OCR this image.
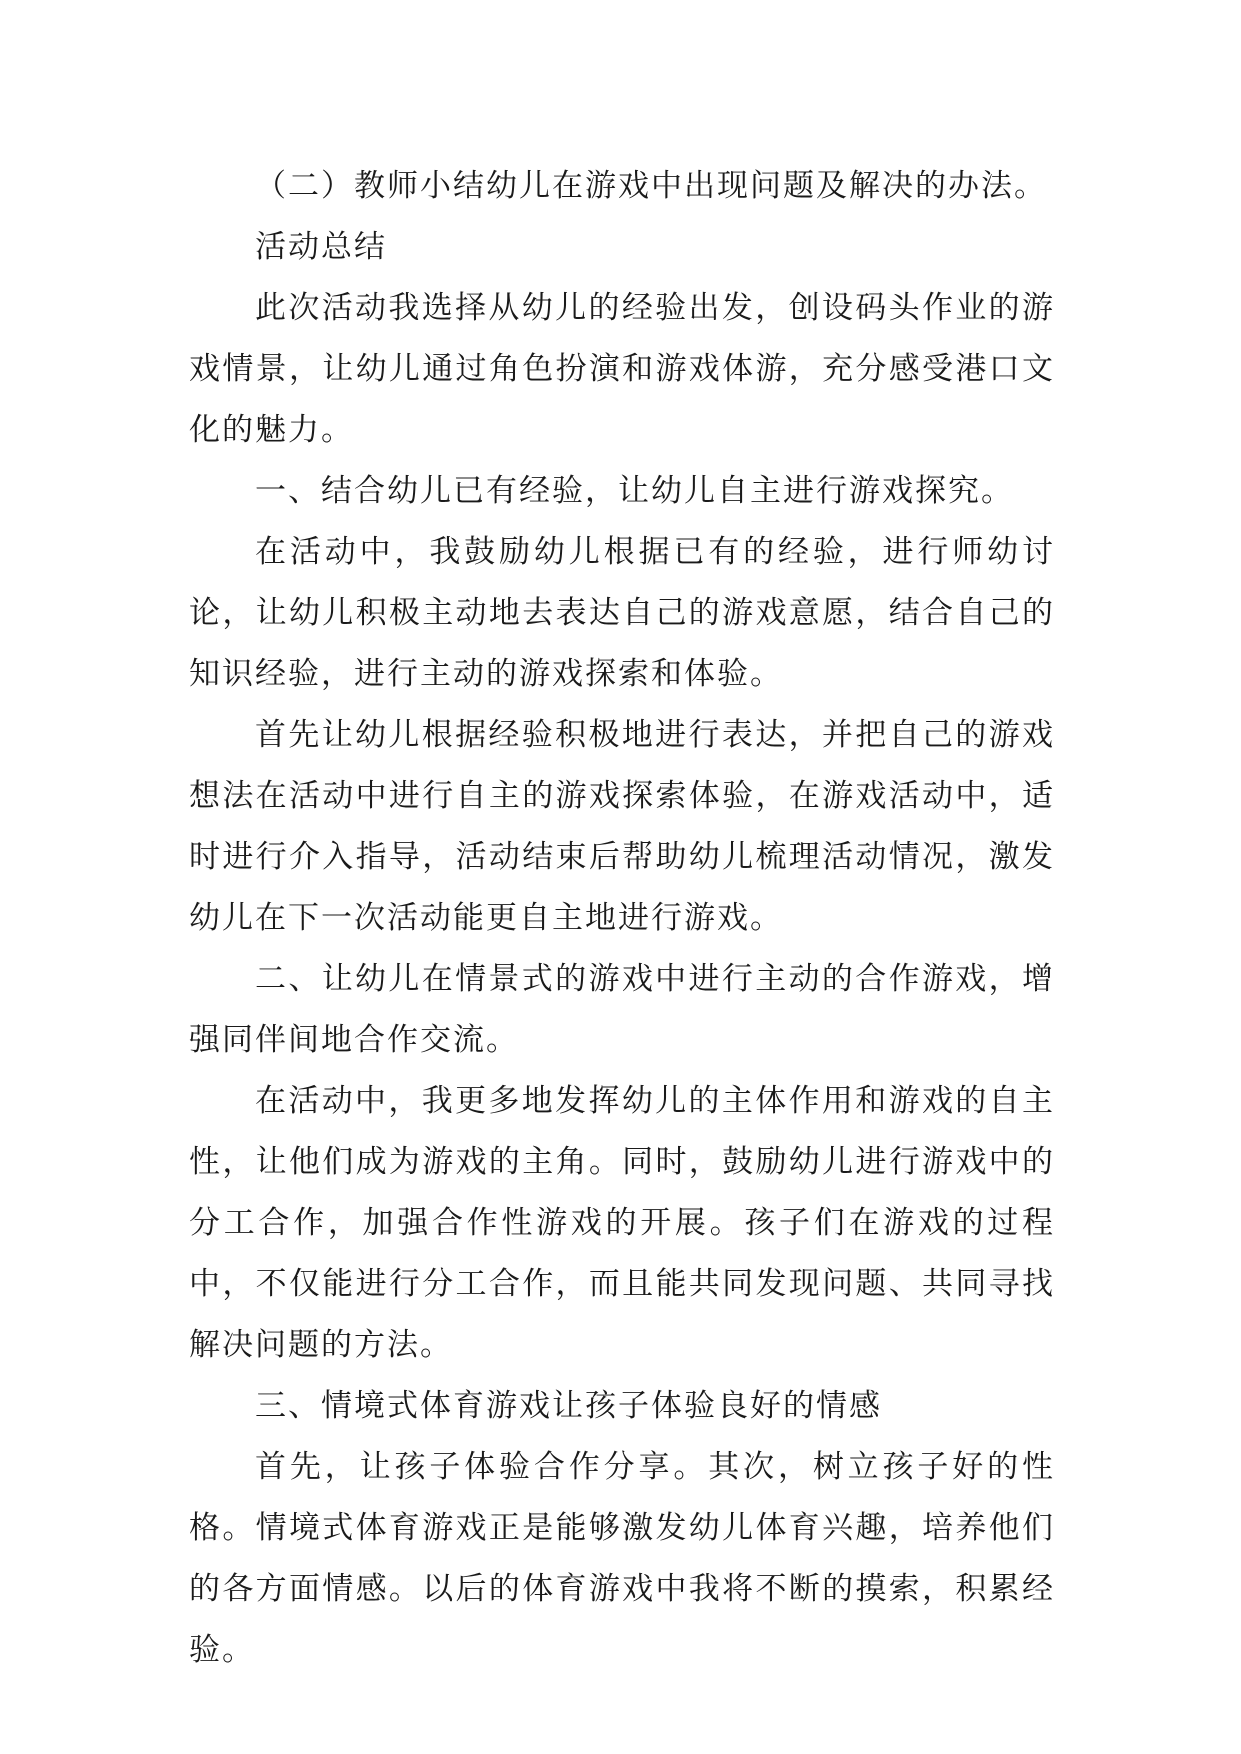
（二）教师小结幼儿在游戏中出现问题及解决的办法。

活动总结

此次活动我选择从幼儿的经验出发，创设码头作业的游戏情景，让幼儿通过角色扮演和游戏体游，充分感受港口文化的魅力。

一、结合幼儿已有经验，让幼儿自主进行游戏探究。

在活动中，我鼓励幼儿根据已有的经验，进行师幼讨论，让幼儿积极主动地去表达自己的游戏意愿，结合自己的知识经验，进行主动的游戏探索和体验。

首先让幼儿根据经验积极地进行表达，并把自己的游戏想法在活动中进行自主的游戏探索体验，在游戏活动中，适时进行介入指导，活动结束后帮助幼儿梳理活动情况，激发幼儿在下一次活动能更自主地进行游戏。

二、让幼儿在情景式的游戏中进行主动的合作游戏，增强同伴间地合作交流。

在活动中，我更多地发挥幼儿的主体作用和游戏的自主性，让他们成为游戏的主角。同时，鼓励幼儿进行游戏中的分工合作，加强合作性游戏的开展。孩子们在游戏的过程中，不仅能进行分工合作，而且能共同发现问题、共同寻找解决问题的方法。

三、情境式体育游戏让孩子体验良好的情感

首先，让孩子体验合作分享。其次，树立孩子好的性格。情境式体育游戏正是能够激发幼儿体育兴趣，培养他们的各方面情感。以后的体育游戏中我将不断的摸索，积累经验。
